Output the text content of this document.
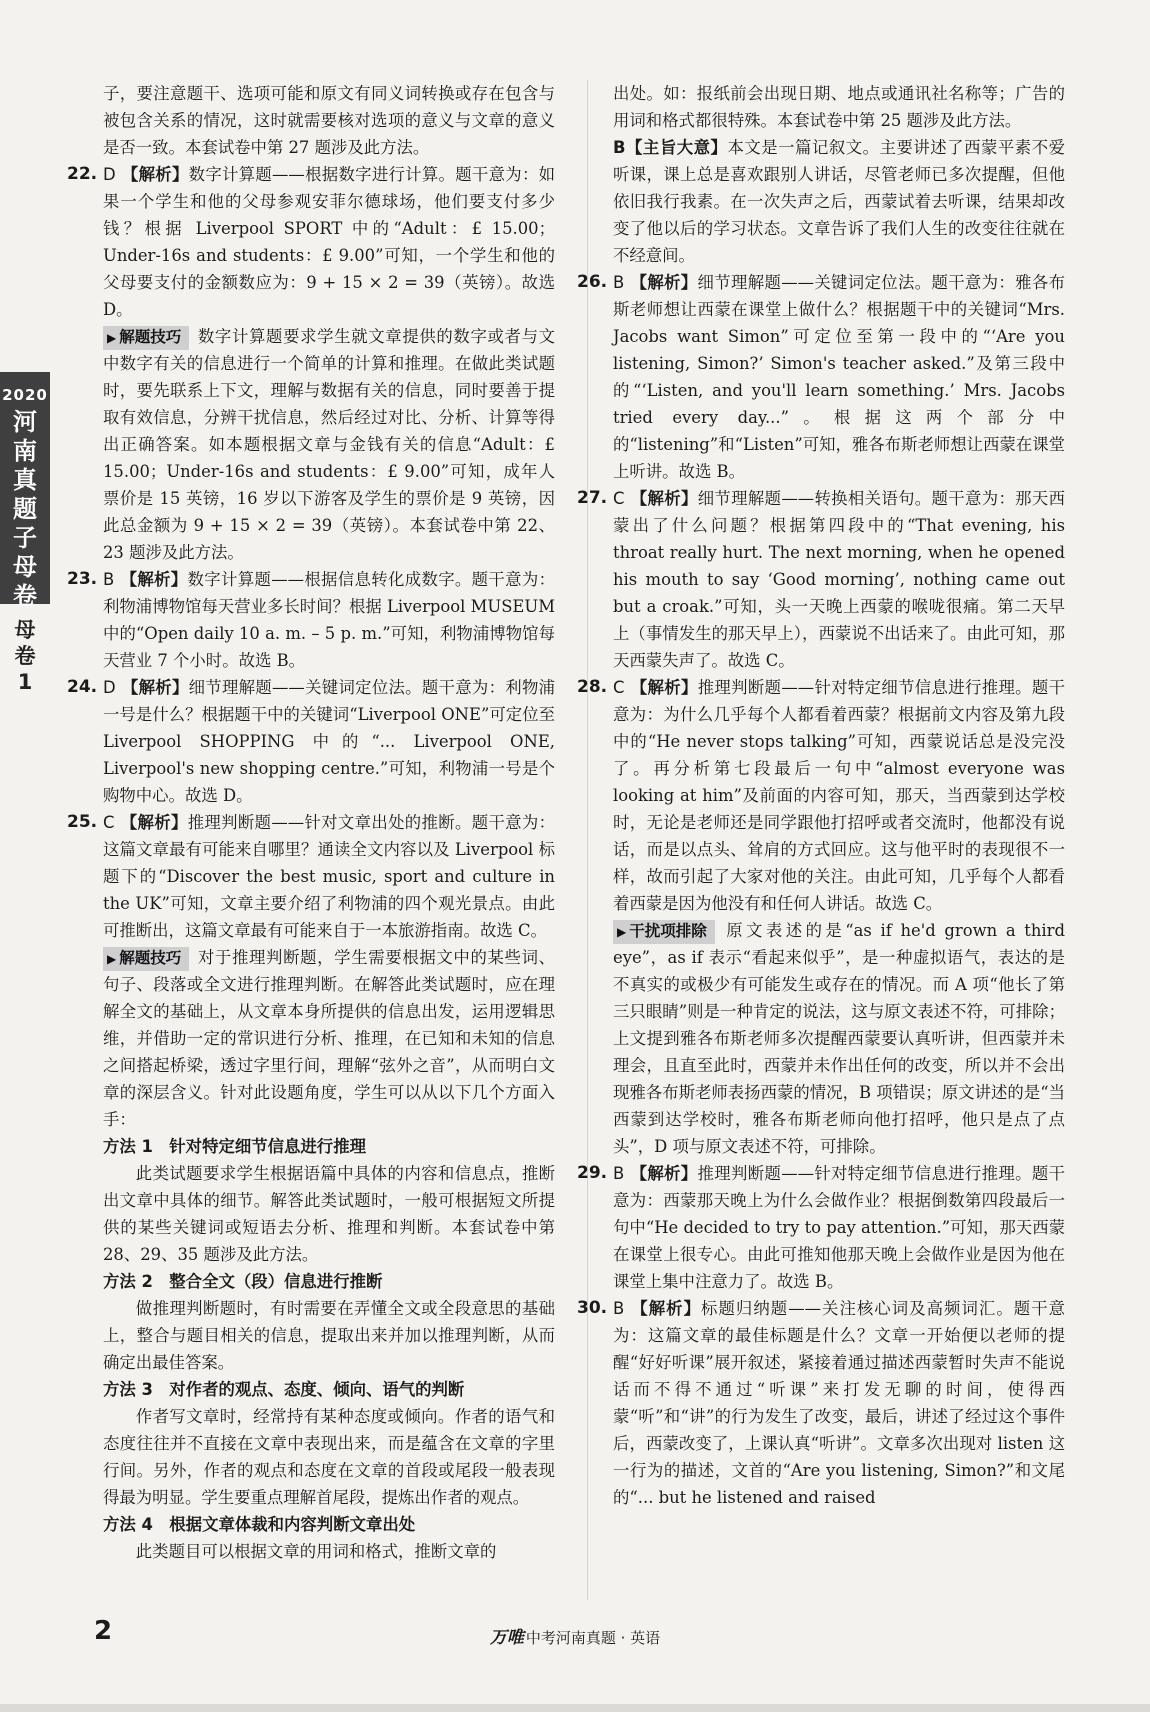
2020
河
南
真
题
子
母
卷
母
卷
1

子，要注意题干、选项可能和原文有同义词转换或存在包含与被包含关系的情况，这时就需要核对选项的意义与文章的意义是否一致。本套试卷中第 27 题涉及此方法。

22. D 【解析】数字计算题——根据数字进行计算。题干意为：如果一个学生和他的父母参观安菲尔德球场，他们要支付多少钱？根据 Liverpool SPORT 中的“Adult：£ 15.00；Under-16s and students：£ 9.00”可知，一个学生和他的父母要支付的金额数应为：9 + 15 × 2 = 39（英镑）。故选 D。

▶ 解题技巧 数字计算题要求学生就文章提供的数字或者与文中数字有关的信息进行一个简单的计算和推理。在做此类试题时，要先联系上下文，理解与数据有关的信息，同时要善于提取有效信息，分辨干扰信息，然后经过对比、分析、计算等得出正确答案。如本题根据文章与金钱有关的信息“Adult：£ 15.00；Under-16s and students：£ 9.00”可知，成年人票价是 15 英镑，16 岁以下游客及学生的票价是 9 英镑，因此总金额为 9 + 15 × 2 = 39（英镑）。本套试卷中第 22、23 题涉及此方法。

23. B 【解析】数字计算题——根据信息转化成数字。题干意为：利物浦博物馆每天营业多长时间？根据 Liverpool MUSEUM 中的“Open daily 10 a. m. – 5 p. m.”可知，利物浦博物馆每天营业 7 个小时。故选 B。

24. D 【解析】细节理解题——关键词定位法。题干意为：利物浦一号是什么？根据题干中的关键词“Liverpool ONE”可定位至 Liverpool SHOPPING 中的“... Liverpool ONE, Liverpool's new shopping centre.”可知，利物浦一号是个购物中心。故选 D。

25. C 【解析】推理判断题——针对文章出处的推断。题干意为：这篇文章最有可能来自哪里？通读全文内容以及 Liverpool 标题下的“Discover the best music, sport and culture in the UK”可知，文章主要介绍了利物浦的四个观光景点。由此可推断出，这篇文章最有可能来自于一本旅游指南。故选 C。

▶ 解题技巧 对于推理判断题，学生需要根据文中的某些词、句子、段落或全文进行推理判断。在解答此类试题时，应在理解全文的基础上，从文章本身所提供的信息出发，运用逻辑思维，并借助一定的常识进行分析、推理，在已知和未知的信息之间搭起桥梁，透过字里行间，理解“弦外之音”，从而明白文章的深层含义。针对此设题角度，学生可以从以下几个方面入手：

方法 1　针对特定细节信息进行推理

此类试题要求学生根据语篇中具体的内容和信息点，推断出文章中具体的细节。解答此类试题时，一般可根据短文所提供的某些关键词或短语去分析、推理和判断。本套试卷中第 28、29、35 题涉及此方法。

方法 2　整合全文（段）信息进行推断

做推理判断题时，有时需要在弄懂全文或全段意思的基础上，整合与题目相关的信息，提取出来并加以推理判断，从而确定出最佳答案。

方法 3　对作者的观点、态度、倾向、语气的判断

作者写文章时，经常持有某种态度或倾向。作者的语气和态度往往并不直接在文章中表现出来，而是蕴含在文章的字里行间。另外，作者的观点和态度在文章的首段或尾段一般表现得最为明显。学生要重点理解首尾段，提炼出作者的观点。

方法 4　根据文章体裁和内容判断文章出处

此类题目可以根据文章的用词和格式，推断文章的

出处。如：报纸前会出现日期、地点或通讯社名称等；广告的用词和格式都很特殊。本套试卷中第 25 题涉及此方法。

B【主旨大意】本文是一篇记叙文。主要讲述了西蒙平素不爱听课，课上总是喜欢跟别人讲话，尽管老师已多次提醒，但他依旧我行我素。在一次失声之后，西蒙试着去听课，结果却改变了他以后的学习状态。文章告诉了我们人生的改变往往就在不经意间。

26. B 【解析】细节理解题——关键词定位法。题干意为：雅各布斯老师想让西蒙在课堂上做什么？根据题干中的关键词“Mrs. Jacobs want Simon”可定位至第一段中的“‘Are you listening, Simon?’ Simon's teacher asked.”及第三段中的“‘Listen, and you'll learn something.’ Mrs. Jacobs tried every day...”。根据这两个部分中的“listening”和“Listen”可知，雅各布斯老师想让西蒙在课堂上听讲。故选 B。

27. C 【解析】细节理解题——转换相关语句。题干意为：那天西蒙出了什么问题？根据第四段中的“That evening, his throat really hurt. The next morning, when he opened his mouth to say ‘Good morning’, nothing came out but a croak.”可知，头一天晚上西蒙的喉咙很痛。第二天早上（事情发生的那天早上），西蒙说不出话来了。由此可知，那天西蒙失声了。故选 C。

28. C 【解析】推理判断题——针对特定细节信息进行推理。题干意为：为什么几乎每个人都看着西蒙？根据前文内容及第九段中的“He never stops talking”可知，西蒙说话总是没完没了。再分析第七段最后一句中“almost everyone was looking at him”及前面的内容可知，那天，当西蒙到达学校时，无论是老师还是同学跟他打招呼或者交流时，他都没有说话，而是以点头、耸肩的方式回应。这与他平时的表现很不一样，故而引起了大家对他的关注。由此可知，几乎每个人都看着西蒙是因为他没有和任何人讲话。故选 C。

▶ 干扰项排除 原文表述的是“as if he'd grown a third eye”，as if 表示“看起来似乎”，是一种虚拟语气，表达的是不真实的或极少有可能发生或存在的情况。而 A 项“他长了第三只眼睛”则是一种肯定的说法，这与原文表述不符，可排除；上文提到雅各布斯老师多次提醒西蒙要认真听讲，但西蒙并未理会，且直至此时，西蒙并未作出任何的改变，所以并不会出现雅各布斯老师表扬西蒙的情况，B 项错误；原文讲述的是“当西蒙到达学校时，雅各布斯老师向他打招呼，他只是点了点头”，D 项与原文表述不符，可排除。

29. B 【解析】推理判断题——针对特定细节信息进行推理。题干意为：西蒙那天晚上为什么会做作业？根据倒数第四段最后一句中“He decided to try to pay attention.”可知，那天西蒙在课堂上很专心。由此可推知他那天晚上会做作业是因为他在课堂上集中注意力了。故选 B。

30. B 【解析】标题归纳题——关注核心词及高频词汇。题干意为：这篇文章的最佳标题是什么？文章一开始便以老师的提醒“好好听课”展开叙述，紧接着通过描述西蒙暂时失声不能说话而不得不通过“听课”来打发无聊的时间，使得西蒙“听”和“讲”的行为发生了改变，最后，讲述了经过这个事件后，西蒙改变了，上课认真“听讲”。文章多次出现对 listen 这一行为的描述，文首的“Are you listening, Simon?”和文尾的“... but he listened and raised

2	万唯 中考河南真题 · 英语
